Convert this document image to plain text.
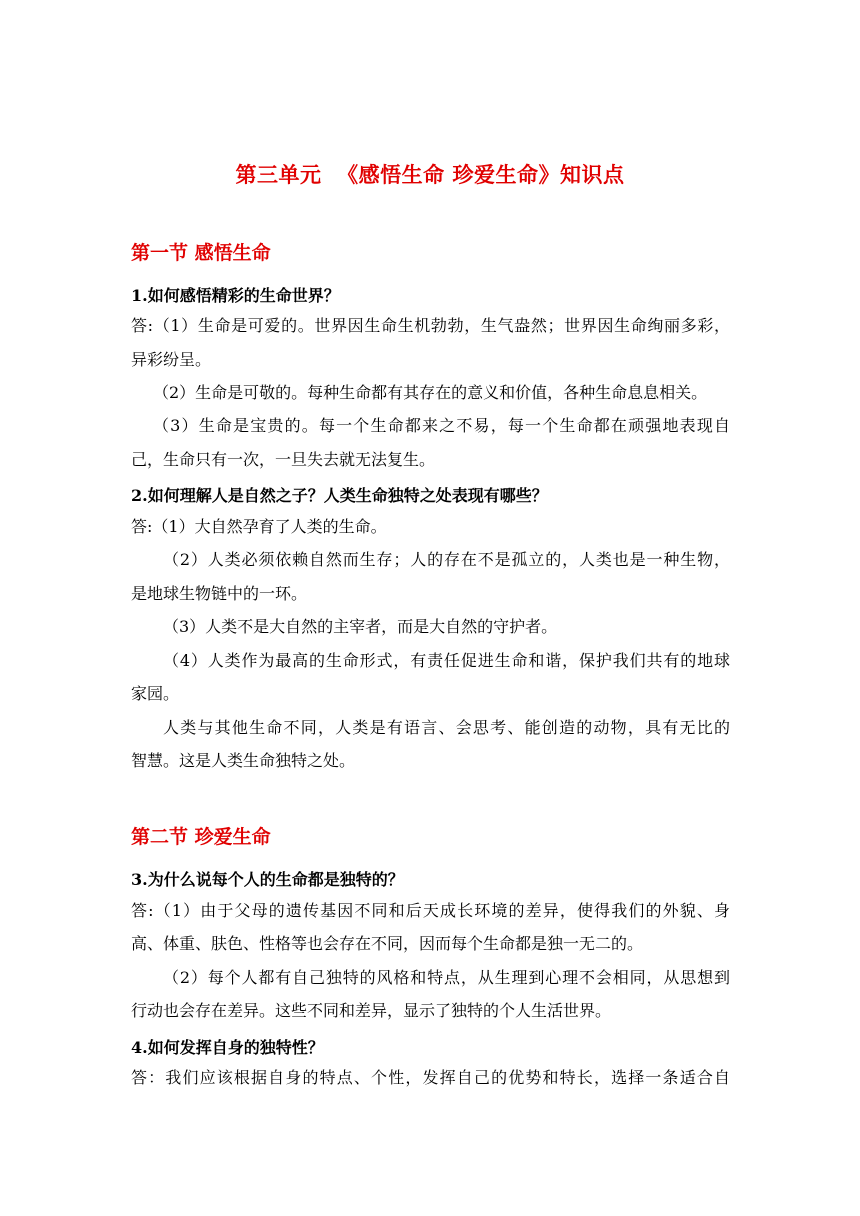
第三单元  《感悟生命 珍爱生命》知识点
第一节 感悟生命
1.如何感悟精彩的生命世界？
答:（1）生命是可爱的。世界因生命生机勃勃，生气盎然；世界因生命绚丽多彩，
异彩纷呈。
（2）生命是可敬的。每种生命都有其存在的意义和价值，各种生命息息相关。
（3）生命是宝贵的。每一个生命都来之不易，每一个生命都在顽强地表现自
己，生命只有一次，一旦失去就无法复生。
2.如何理解人是自然之子？人类生命独特之处表现有哪些？
答:（1）大自然孕育了人类的生命。
（2）人类必须依赖自然而生存；人的存在不是孤立的，人类也是一种生物，
是地球生物链中的一环。
（3）人类不是大自然的主宰者，而是大自然的守护者。
（4）人类作为最高的生命形式，有责任促进生命和谐，保护我们共有的地球
家园。
人类与其他生命不同，人类是有语言、会思考、能创造的动物，具有无比的
智慧。这是人类生命独特之处。
第二节 珍爱生命
3.为什么说每个人的生命都是独特的？
答:（1）由于父母的遗传基因不同和后天成长环境的差异，使得我们的外貌、身
高、体重、肤色、性格等也会存在不同，因而每个生命都是独一无二的。
（2）每个人都有自己独特的风格和特点，从生理到心理不会相同，从思想到
行动也会存在差异。这些不同和差异，显示了独特的个人生活世界。
4.如何发挥自身的独特性？
答：我们应该根据自身的特点、个性，发挥自己的优势和特长，选择一条适合自
